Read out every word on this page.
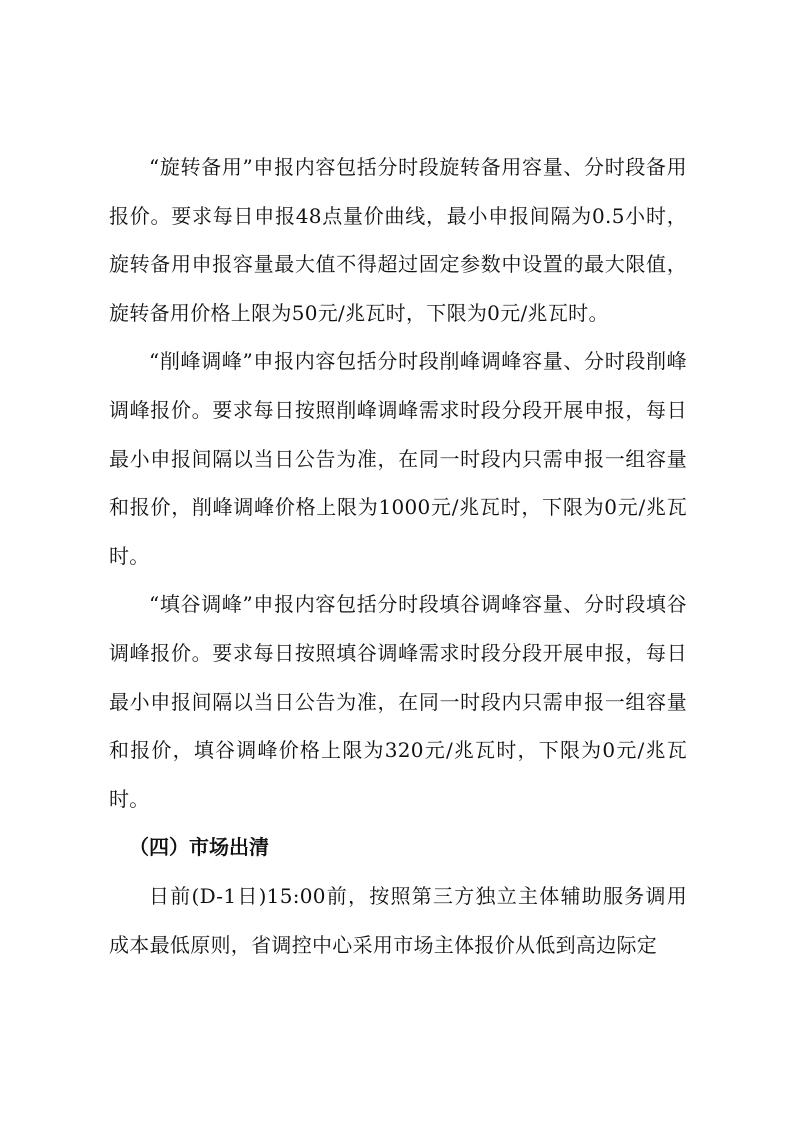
“旋转备用”申报内容包括分时段旋转备用容量、分时段备用报价。要求每日申报48点量价曲线，最小申报间隔为0.5小时，旋转备用申报容量最大值不得超过固定参数中设置的最大限值，旋转备用价格上限为50元/兆瓦时，下限为0元/兆瓦时。

“削峰调峰”申报内容包括分时段削峰调峰容量、分时段削峰调峰报价。要求每日按照削峰调峰需求时段分段开展申报，每日最小申报间隔以当日公告为准，在同一时段内只需申报一组容量和报价，削峰调峰价格上限为1000元/兆瓦时，下限为0元/兆瓦时。

“填谷调峰”申报内容包括分时段填谷调峰容量、分时段填谷调峰报价。要求每日按照填谷调峰需求时段分段开展申报，每日最小申报间隔以当日公告为准，在同一时段内只需申报一组容量和报价，填谷调峰价格上限为320元/兆瓦时，下限为0元/兆瓦时。

（四）市场出清

日前(D-1日)15:00前，按照第三方独立主体辅助服务调用成本最低原则，省调控中心采用市场主体报价从低到高边际定
